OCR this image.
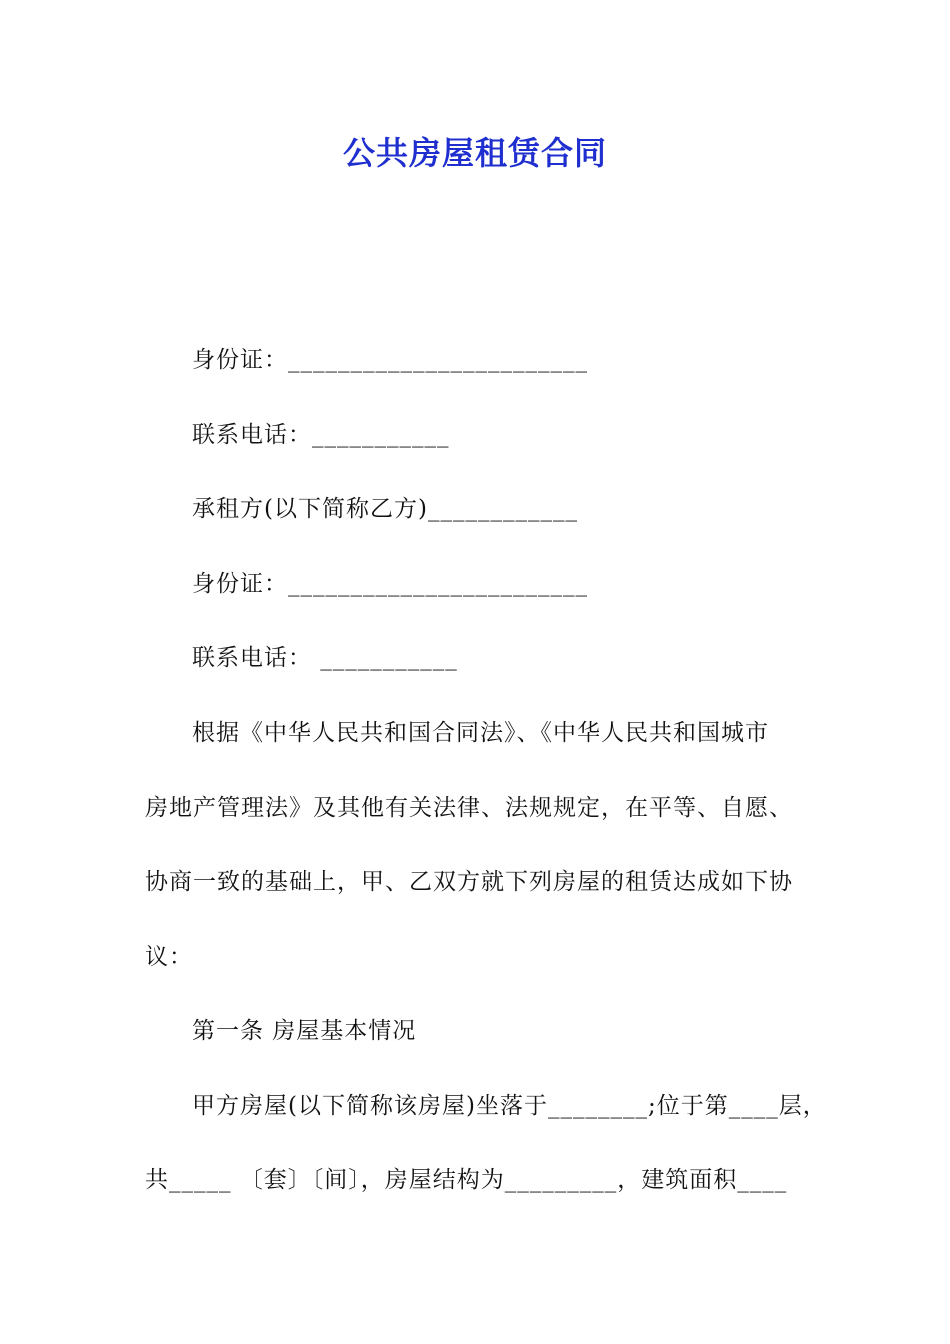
公共房屋租赁合同
身份证：________________________
联系电话：___________
承租方(以下简称乙方)____________
身份证：________________________
联系电话： ___________
根据《中华人民共和国合同法》、《中华人民共和国城市
房地产管理法》及其他有关法律、法规规定，在平等、自愿、
协商一致的基础上，甲、乙双方就下列房屋的租赁达成如下协
议：
第一条 房屋基本情况
甲方房屋(以下简称该房屋)坐落于________;位于第____层，
共_____ 〔套〕〔间〕，房屋结构为_________，建筑面积____
